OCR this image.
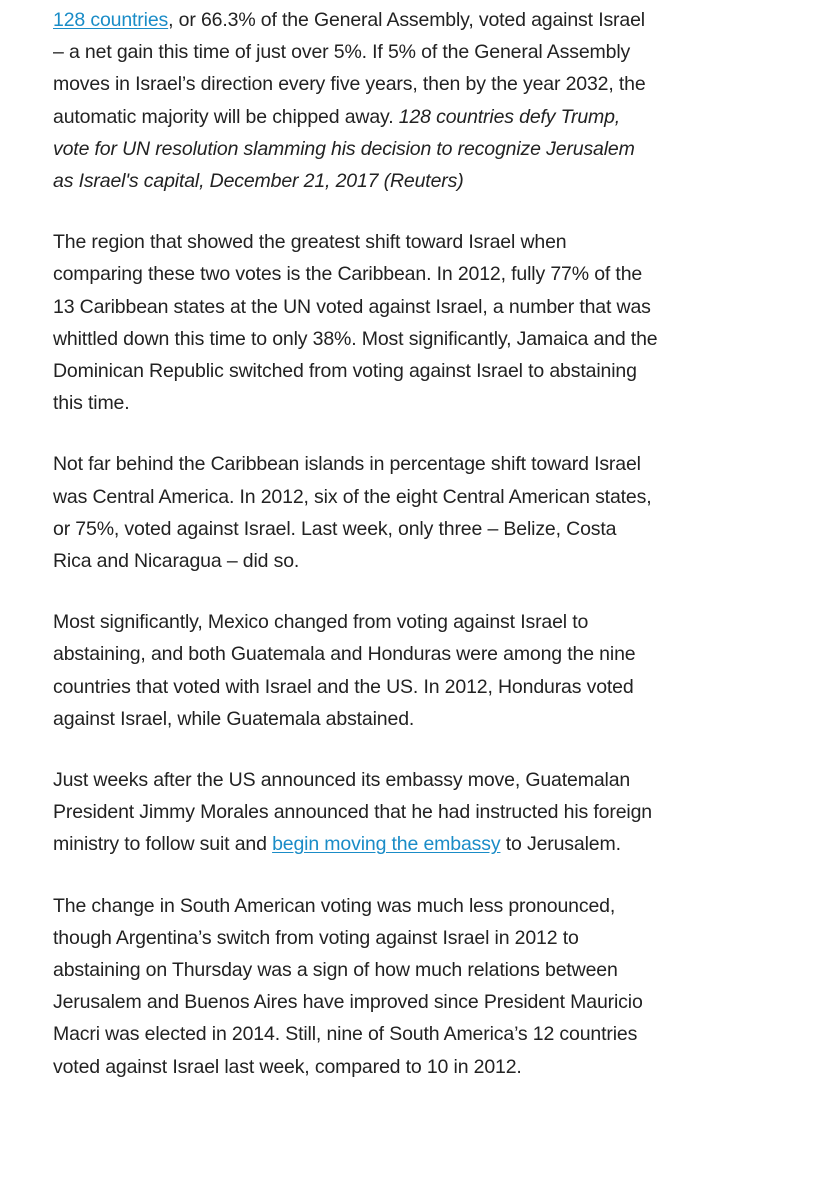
128 countries, or 66.3% of the General Assembly, voted against Israel – a net gain this time of just over 5%. If 5% of the General Assembly moves in Israel’s direction every five years, then by the year 2032, the automatic majority will be chipped away. 128 countries defy Trump, vote for UN resolution slamming his decision to recognize Jerusalem as Israel's capital, December 21, 2017 (Reuters)

The region that showed the greatest shift toward Israel when comparing these two votes is the Caribbean. In 2012, fully 77% of the 13 Caribbean states at the UN voted against Israel, a number that was whittled down this time to only 38%. Most significantly, Jamaica and the Dominican Republic switched from voting against Israel to abstaining this time.

Not far behind the Caribbean islands in percentage shift toward Israel was Central America. In 2012, six of the eight Central American states, or 75%, voted against Israel. Last week, only three – Belize, Costa Rica and Nicaragua – did so.

Most significantly, Mexico changed from voting against Israel to abstaining, and both Guatemala and Honduras were among the nine countries that voted with Israel and the US. In 2012, Honduras voted against Israel, while Guatemala abstained.

Just weeks after the US announced its embassy move, Guatemalan President Jimmy Morales announced that he had instructed his foreign ministry to follow suit and begin moving the embassy to Jerusalem.

The change in South American voting was much less pronounced, though Argentina’s switch from voting against Israel in 2012 to abstaining on Thursday was a sign of how much relations between Jerusalem and Buenos Aires have improved since President Mauricio Macri was elected in 2014. Still, nine of South America’s 12 countries voted against Israel last week, compared to 10 in 2012.
